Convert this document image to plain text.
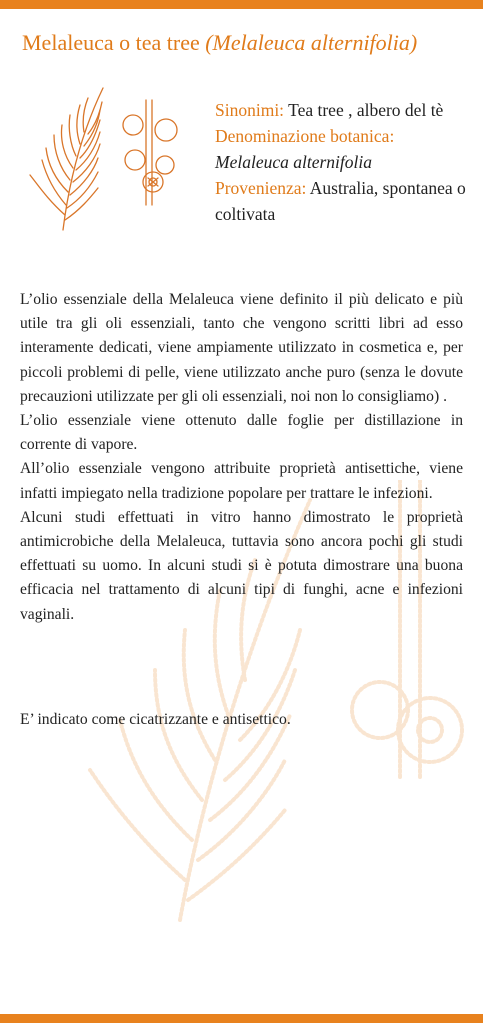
Melaleuca o tea tree (Melaleuca alternifolia)
Sinonimi: Tea tree , albero del tè
Denominazione botanica:
Melaleuca alternifolia
Provenienza: Australia, spontanea o coltivata

L’olio essenziale della Melaleuca viene definito il più delicato e più utile tra gli oli essenziali, tanto che vengono scritti libri ad esso interamente dedicati, viene ampiamente utilizzato in cosmetica e, per piccoli problemi di pelle, viene utilizzato anche puro (senza le dovute precauzioni utilizzate per gli oli essenziali, noi non lo consigliamo) .

L’olio essenziale viene ottenuto dalle foglie per distillazione in corrente di vapore.

All’olio essenziale vengono attribuite proprietà antisettiche, viene infatti impiegato nella tradizione popolare per trattare le infezioni.

Alcuni studi effettuati in vitro hanno dimostrato le proprietà antimicrobiche della Melaleuca, tuttavia sono ancora pochi gli studi effettuati su uomo. In alcuni studi si è potuta dimostrare una buona efficacia nel trattamento di alcuni tipi di funghi, acne e infezioni vaginali.

E’ indicato come cicatrizzante e antisettico.
